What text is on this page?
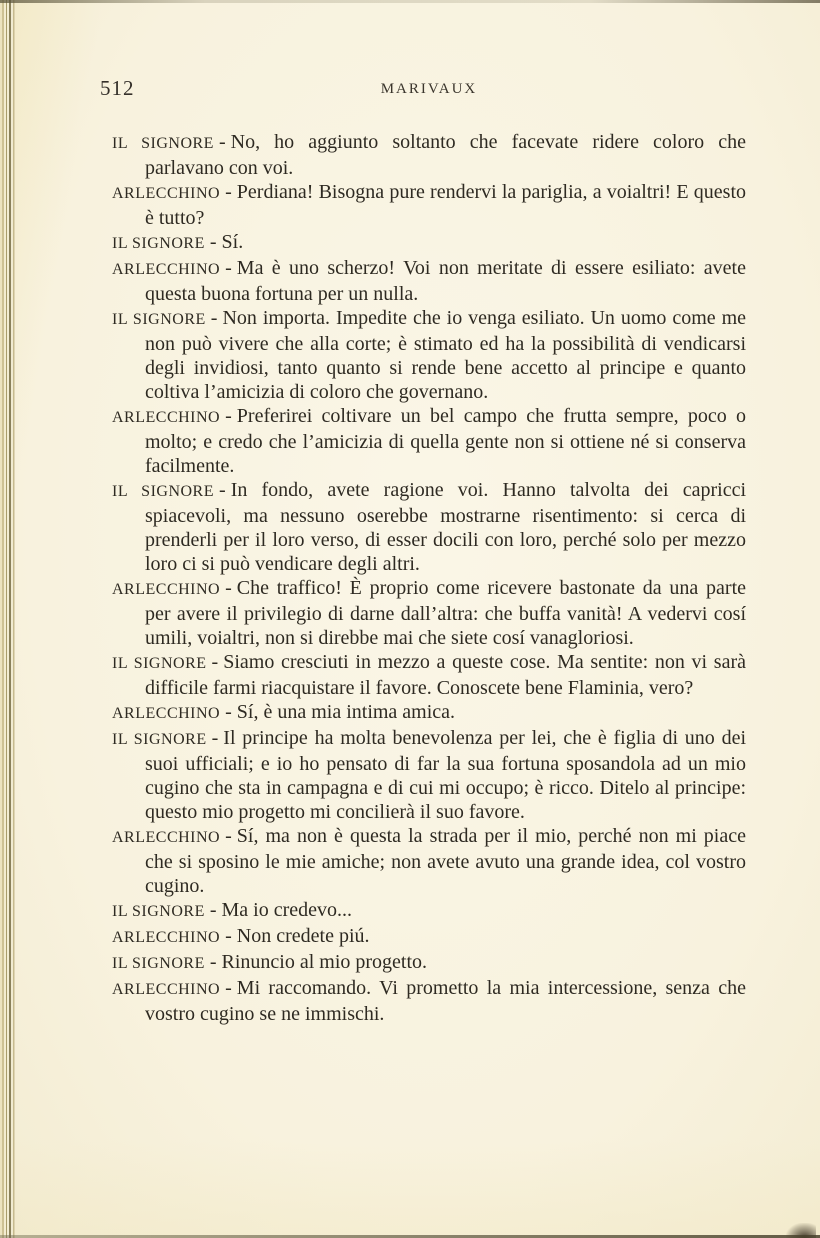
512	MARIVAUX

IL SIGNORE - No, ho aggiunto soltanto che facevate ridere coloro che parlavano con voi.

ARLECCHINO - Perdiana! Bisogna pure rendervi la pariglia, a voialtri! E questo è tutto?

IL SIGNORE - Sí.

ARLECCHINO - Ma è uno scherzo! Voi non meritate di essere esiliato: avete questa buona fortuna per un nulla.

IL SIGNORE - Non importa. Impedite che io venga esiliato. Un uomo come me non può vivere che alla corte; è stimato ed ha la possibilità di vendicarsi degli invidiosi, tanto quanto si rende bene accetto al principe e quanto coltiva l’amicizia di coloro che governano.

ARLECCHINO - Preferirei coltivare un bel campo che frutta sempre, poco o molto; e credo che l’amicizia di quella gente non si ottiene né si conserva facilmente.

IL SIGNORE - In fondo, avete ragione voi. Hanno talvolta dei capricci spiacevoli, ma nessuno oserebbe mostrarne risentimento: si cerca di prenderli per il loro verso, di esser docili con loro, perché solo per mezzo loro ci si può vendicare degli altri.

ARLECCHINO - Che traffico! È proprio come ricevere bastonate da una parte per avere il privilegio di darne dall’altra: che buffa vanità! A vedervi cosí umili, voialtri, non si direbbe mai che siete cosí vanagloriosi.

IL SIGNORE - Siamo cresciuti in mezzo a queste cose. Ma sentite: non vi sarà difficile farmi riacquistare il favore. Conoscete bene Flaminia, vero?

ARLECCHINO - Sí, è una mia intima amica.

IL SIGNORE - Il principe ha molta benevolenza per lei, che è figlia di uno dei suoi ufficiali; e io ho pensato di far la sua fortuna sposandola ad un mio cugino che sta in campagna e di cui mi occupo; è ricco. Ditelo al principe: questo mio progetto mi concilierà il suo favore.

ARLECCHINO - Sí, ma non è questa la strada per il mio, perché non mi piace che si sposino le mie amiche; non avete avuto una grande idea, col vostro cugino.

IL SIGNORE - Ma io credevo...

ARLECCHINO - Non credete piú.

IL SIGNORE - Rinuncio al mio progetto.

ARLECCHINO - Mi raccomando. Vi prometto la mia intercessione, senza che vostro cugino se ne immischi.
